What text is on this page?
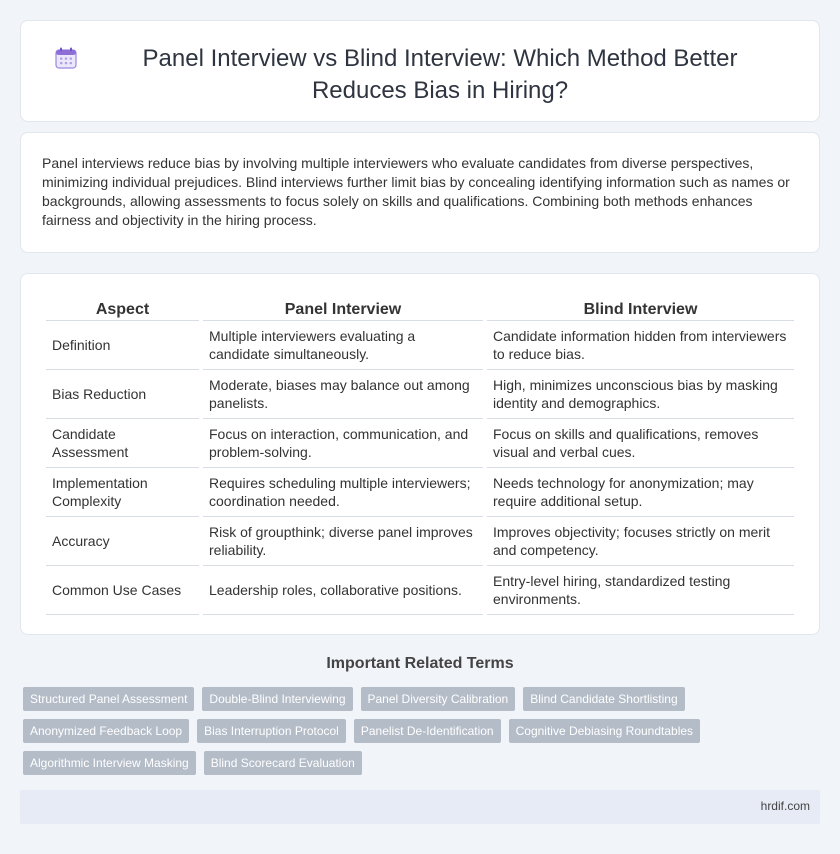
Panel Interview vs Blind Interview: Which Method Better Reduces Bias in Hiring?

Panel interviews reduce bias by involving multiple interviewers who evaluate candidates from diverse perspectives, minimizing individual prejudices. Blind interviews further limit bias by concealing identifying information such as names or backgrounds, allowing assessments to focus solely on skills and qualifications. Combining both methods enhances fairness and objectivity in the hiring process.

Aspect	Panel Interview	Blind Interview
Definition	Multiple interviewers evaluating a candidate simultaneously.	Candidate information hidden from interviewers to reduce bias.
Bias Reduction	Moderate, biases may balance out among panelists.	High, minimizes unconscious bias by masking identity and demographics.
Candidate Assessment	Focus on interaction, communication, and problem-solving.	Focus on skills and qualifications, removes visual and verbal cues.
Implementation Complexity	Requires scheduling multiple interviewers; coordination needed.	Needs technology for anonymization; may require additional setup.
Accuracy	Risk of groupthink; diverse panel improves reliability.	Improves objectivity; focuses strictly on merit and competency.
Common Use Cases	Leadership roles, collaborative positions.	Entry-level hiring, standardized testing environments.
Important Related Terms
Structured Panel Assessment	Double-Blind Interviewing	Panel Diversity Calibration	Blind Candidate Shortlisting
Anonymized Feedback Loop	Bias Interruption Protocol	Panelist De-Identification	Cognitive Debiasing Roundtables
Algorithmic Interview Masking	Blind Scorecard Evaluation
hrdif.com
